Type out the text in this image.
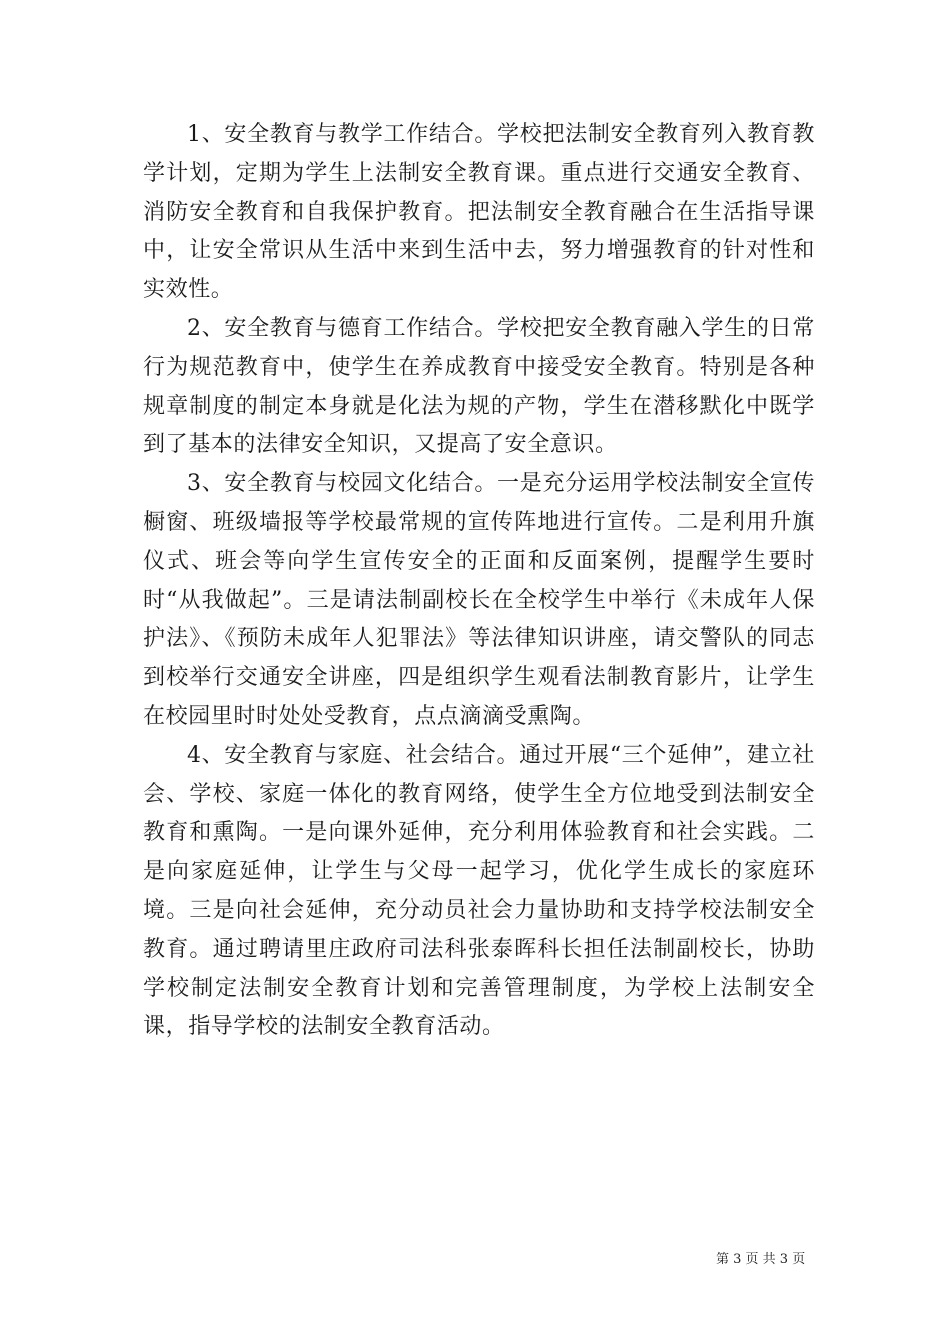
1、安全教育与教学工作结合。学校把法制安全教育列入教育教学计划，定期为学生上法制安全教育课。重点进行交通安全教育、消防安全教育和自我保护教育。把法制安全教育融合在生活指导课中，让安全常识从生活中来到生活中去，努力增强教育的针对性和实效性。

2、安全教育与德育工作结合。学校把安全教育融入学生的日常行为规范教育中，使学生在养成教育中接受安全教育。特别是各种规章制度的制定本身就是化法为规的产物，学生在潜移默化中既学到了基本的法律安全知识，又提高了安全意识。

3、安全教育与校园文化结合。一是充分运用学校法制安全宣传橱窗、班级墙报等学校最常规的宣传阵地进行宣传。二是利用升旗仪式、班会等向学生宣传安全的正面和反面案例，提醒学生要时时“从我做起”。三是请法制副校长在全校学生中举行《未成年人保护法》、《预防未成年人犯罪法》等法律知识讲座，请交警队的同志到校举行交通安全讲座，四是组织学生观看法制教育影片，让学生在校园里时时处处受教育，点点滴滴受熏陶。

4、安全教育与家庭、社会结合。通过开展“三个延伸”，建立社会、学校、家庭一体化的教育网络，使学生全方位地受到法制安全教育和熏陶。一是向课外延伸，充分利用体验教育和社会实践。二是向家庭延伸，让学生与父母一起学习，优化学生成长的家庭环境。三是向社会延伸，充分动员社会力量协助和支持学校法制安全教育。通过聘请里庄政府司法科张泰晖科长担任法制副校长，协助学校制定法制安全教育计划和完善管理制度，为学校上法制安全课，指导学校的法制安全教育活动。

第 3 页 共 3 页
